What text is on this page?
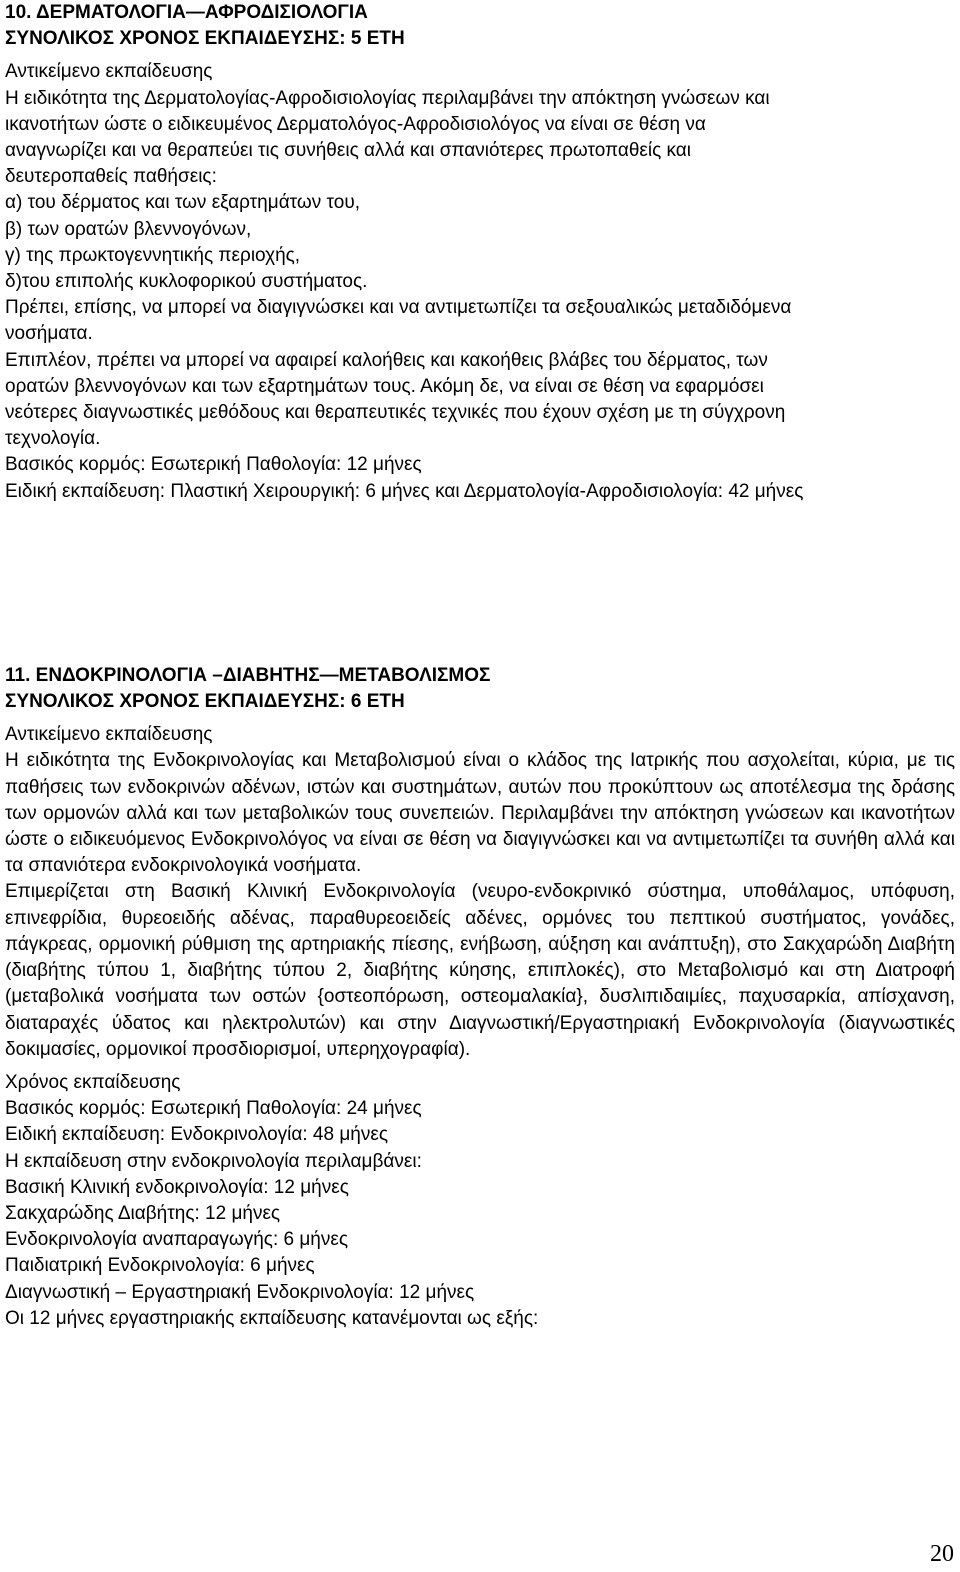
10. ΔΕΡΜΑΤΟΛΟΓΙΑ—ΑΦΡΟΔΙΣΙΟΛΟΓΙΑ
ΣΥΝΟΛΙΚΟΣ ΧΡΟΝΟΣ ΕΚΠΑΙΔΕΥΣΗΣ: 5 ΕΤΗ
Αντικείμενο εκπαίδευσης
Η ειδικότητα της Δερματολογίας-Αφροδισιολογίας περιλαμβάνει την απόκτηση γνώσεων και
ικανοτήτων ώστε ο ειδικευμένος Δερματολόγος-Αφροδισιολόγος να είναι σε θέση να
αναγνωρίζει και να θεραπεύει τις συνήθεις αλλά και σπανιότερες πρωτοπαθείς και
δευτεροπαθείς παθήσεις:
α) του δέρματος και των εξαρτημάτων του,
β) των ορατών βλεννογόνων,
γ) της πρωκτογεννητικής περιοχής,
δ)του επιπολής κυκλοφορικού συστήματος.
Πρέπει, επίσης, να μπορεί να διαγιγνώσκει και να αντιμετωπίζει τα σεξουαλικώς μεταδιδόμενα
νοσήματα.
Επιπλέον, πρέπει να μπορεί να αφαιρεί καλοήθεις και κακοήθεις βλάβες του δέρματος, των
ορατών βλεννογόνων και των εξαρτημάτων τους. Ακόμη δε, να είναι σε θέση να εφαρμόσει
νεότερες διαγνωστικές μεθόδους και θεραπευτικές τεχνικές που έχουν σχέση με τη σύγχρονη
τεχνολογία.
Βασικός κορμός: Εσωτερική Παθολογία: 12 μήνες
Ειδική εκπαίδευση: Πλαστική Χειρουργική: 6 μήνες και Δερματολογία-Αφροδισιολογία: 42 μήνες
11. ΕΝΔΟΚΡΙΝΟΛΟΓΙΑ –ΔΙΑΒΗΤΗΣ—ΜΕΤΑΒΟΛΙΣΜΟΣ
ΣΥΝΟΛΙΚΟΣ ΧΡΟΝΟΣ ΕΚΠΑΙΔΕΥΣΗΣ: 6 ΕΤΗ
Αντικείμενο εκπαίδευσης

Η ειδικότητα της Ενδοκρινολογίας και Μεταβολισμού είναι ο κλάδος της Ιατρικής που ασχολείται, κύρια, με τις παθήσεις των ενδοκρινών αδένων, ιστών και συστημάτων, αυτών που προκύπτουν ως αποτέλεσμα της δράσης των ορμονών αλλά και των μεταβολικών τους συνεπειών. Περιλαμβάνει την απόκτηση γνώσεων και ικανοτήτων ώστε ο ειδικευόμενος Ενδοκρινολόγος να είναι σε θέση να διαγιγνώσκει και να αντιμετωπίζει τα συνήθη αλλά και τα σπανιότερα ενδοκρινολογικά νοσήματα.

Επιμερίζεται στη Βασική Κλινική Ενδοκρινολογία (νευρο-ενδοκρινικό σύστημα, υποθάλαμος, υπόφυση, επινεφρίδια, θυρεοειδής αδένας, παραθυρεοειδείς αδένες, ορμόνες του πεπτικού συστήματος, γονάδες, πάγκρεας, ορμονική ρύθμιση της αρτηριακής πίεσης, ενήβωση, αύξηση και ανάπτυξη), στο Σακχαρώδη Διαβήτη (διαβήτης τύπου 1, διαβήτης τύπου 2, διαβήτης κύησης, επιπλοκές), στο Μεταβολισμό και στη Διατροφή (μεταβολικά νοσήματα των οστών {οστεοπόρωση, οστεομαλακία}, δυσλιπιδαιμίες, παχυσαρκία, απίσχανση, διαταραχές ύδατος και ηλεκτρολυτών) και στην Διαγνωστική/Εργαστηριακή Ενδοκρινολογία (διαγνωστικές δοκιμασίες, ορμονικοί προσδιορισμοί, υπερηχογραφία).

Χρόνος εκπαίδευσης
Βασικός κορμός: Εσωτερική Παθολογία: 24 μήνες
Ειδική εκπαίδευση: Ενδοκρινολογία: 48 μήνες
Η εκπαίδευση στην ενδοκρινολογία περιλαμβάνει:
Βασική Κλινική ενδοκρινολογία: 12 μήνες
Σακχαρώδης Διαβήτης: 12 μήνες
Ενδοκρινολογία αναπαραγωγής: 6 μήνες
Παιδιατρική Ενδοκρινολογία: 6 μήνες
Διαγνωστική – Εργαστηριακή Ενδοκρινολογία: 12 μήνες
Οι 12 μήνες εργαστηριακής εκπαίδευσης κατανέμονται ως εξής:
20
